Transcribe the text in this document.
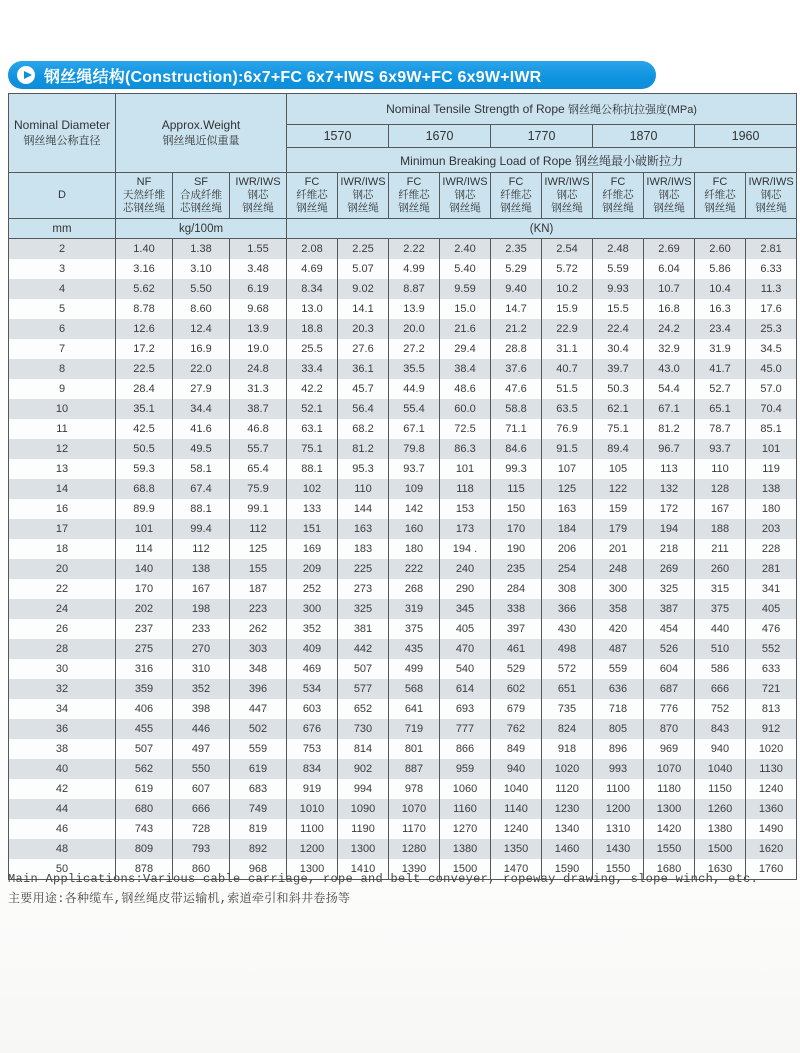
钢丝绳结构(Construction):6x7+FC 6x7+IWS 6x9W+FC 6x9W+IWR
Nominal Diameter
钢丝绳公称直径

Approx.Weight
钢丝绳近似重量
	Nominal Tensile Strength of Rope 钢丝绳公称抗拉强度(MPa)
				1570		1670		1770		1870		1960	
				Minimun Breaking Load of Rope 钢丝绳最小破断拉力									

D

NF
天然纤维
芯钢丝绳

SF
合成纤维
芯钢丝绳

IWR/IWS
钢芯
钢丝绳

FC
纤维芯
钢丝绳

IWR/IWS
钢芯
钢丝绳

FC
纤维芯
钢丝绳

IWR/IWS
钢芯
钢丝绳

FC
纤维芯
钢丝绳

IWR/IWS
钢芯
钢丝绳

FC
纤维芯
钢丝绳

IWR/IWS
钢芯
钢丝绳

FC
纤维芯
钢丝绳

IWR/IWS
钢芯
钢丝绳

mm	kg/100m			(KN)									
2	1.40	1.38	1.55	2.08	2.25	2.22	2.40	2.35	2.54	2.48	2.69	2.60	2.81
3	3.16	3.10	3.48	4.69	5.07	4.99	5.40	5.29	5.72	5.59	6.04	5.86	6.33
4	5.62	5.50	6.19	8.34	9.02	8.87	9.59	9.40	10.2	9.93	10.7	10.4	11.3
5	8.78	8.60	9.68	13.0	14.1	13.9	15.0	14.7	15.9	15.5	16.8	16.3	17.6
6	12.6	12.4	13.9	18.8	20.3	20.0	21.6	21.2	22.9	22.4	24.2	23.4	25.3
7	17.2	16.9	19.0	25.5	27.6	27.2	29.4	28.8	31.1	30.4	32.9	31.9	34.5
8	22.5	22.0	24.8	33.4	36.1	35.5	38.4	37.6	40.7	39.7	43.0	41.7	45.0
9	28.4	27.9	31.3	42.2	45.7	44.9	48.6	47.6	51.5	50.3	54.4	52.7	57.0
10	35.1	34.4	38.7	52.1	56.4	55.4	60.0	58.8	63.5	62.1	67.1	65.1	70.4
11	42.5	41.6	46.8	63.1	68.2	67.1	72.5	71.1	76.9	75.1	81.2	78.7	85.1
12	50.5	49.5	55.7	75.1	81.2	79.8	86.3	84.6	91.5	89.4	96.7	93.7	101
13	59.3	58.1	65.4	88.1	95.3	93.7	101	99.3	107	105	113	110	119
14	68.8	67.4	75.9	102	110	109	118	115	125	122	132	128	138
16	89.9	88.1	99.1	133	144	142	153	150	163	159	172	167	180
17	101	99.4	112	151	163	160	173	170	184	179	194	188	203
18	114	112	125	169	183	180	194 .	190	206	201	218	211	228
20	140	138	155	209	225	222	240	235	254	248	269	260	281
22	170	167	187	252	273	268	290	284	308	300	325	315	341
24	202	198	223	300	325	319	345	338	366	358	387	375	405
26	237	233	262	352	381	375	405	397	430	420	454	440	476
28	275	270	303	409	442	435	470	461	498	487	526	510	552
30	316	310	348	469	507	499	540	529	572	559	604	586	633
32	359	352	396	534	577	568	614	602	651	636	687	666	721
34	406	398	447	603	652	641	693	679	735	718	776	752	813
36	455	446	502	676	730	719	777	762	824	805	870	843	912
38	507	497	559	753	814	801	866	849	918	896	969	940	1020
40	562	550	619	834	902	887	959	940	1020	993	1070	1040	1130
42	619	607	683	919	994	978	1060	1040	1120	1100	1180	1150	1240
44	680	666	749	1010	1090	1070	1160	1140	1230	1200	1300	1260	1360
46	743	728	819	1100	1190	1170	1270	1240	1340	1310	1420	1380	1490
48	809	793	892	1200	1300	1280	1380	1350	1460	1430	1550	1500	1620
50	878	860	968	1300	1410	1390	1500	1470	1590	1550	1680	1630	1760
Main Applications:Various cable carriage, rope and belt conveyer, ropeway drawing, slope winch, etc.
主要用途:各种缆车,钢丝绳皮带运输机,索道牵引和斜井卷扬等
